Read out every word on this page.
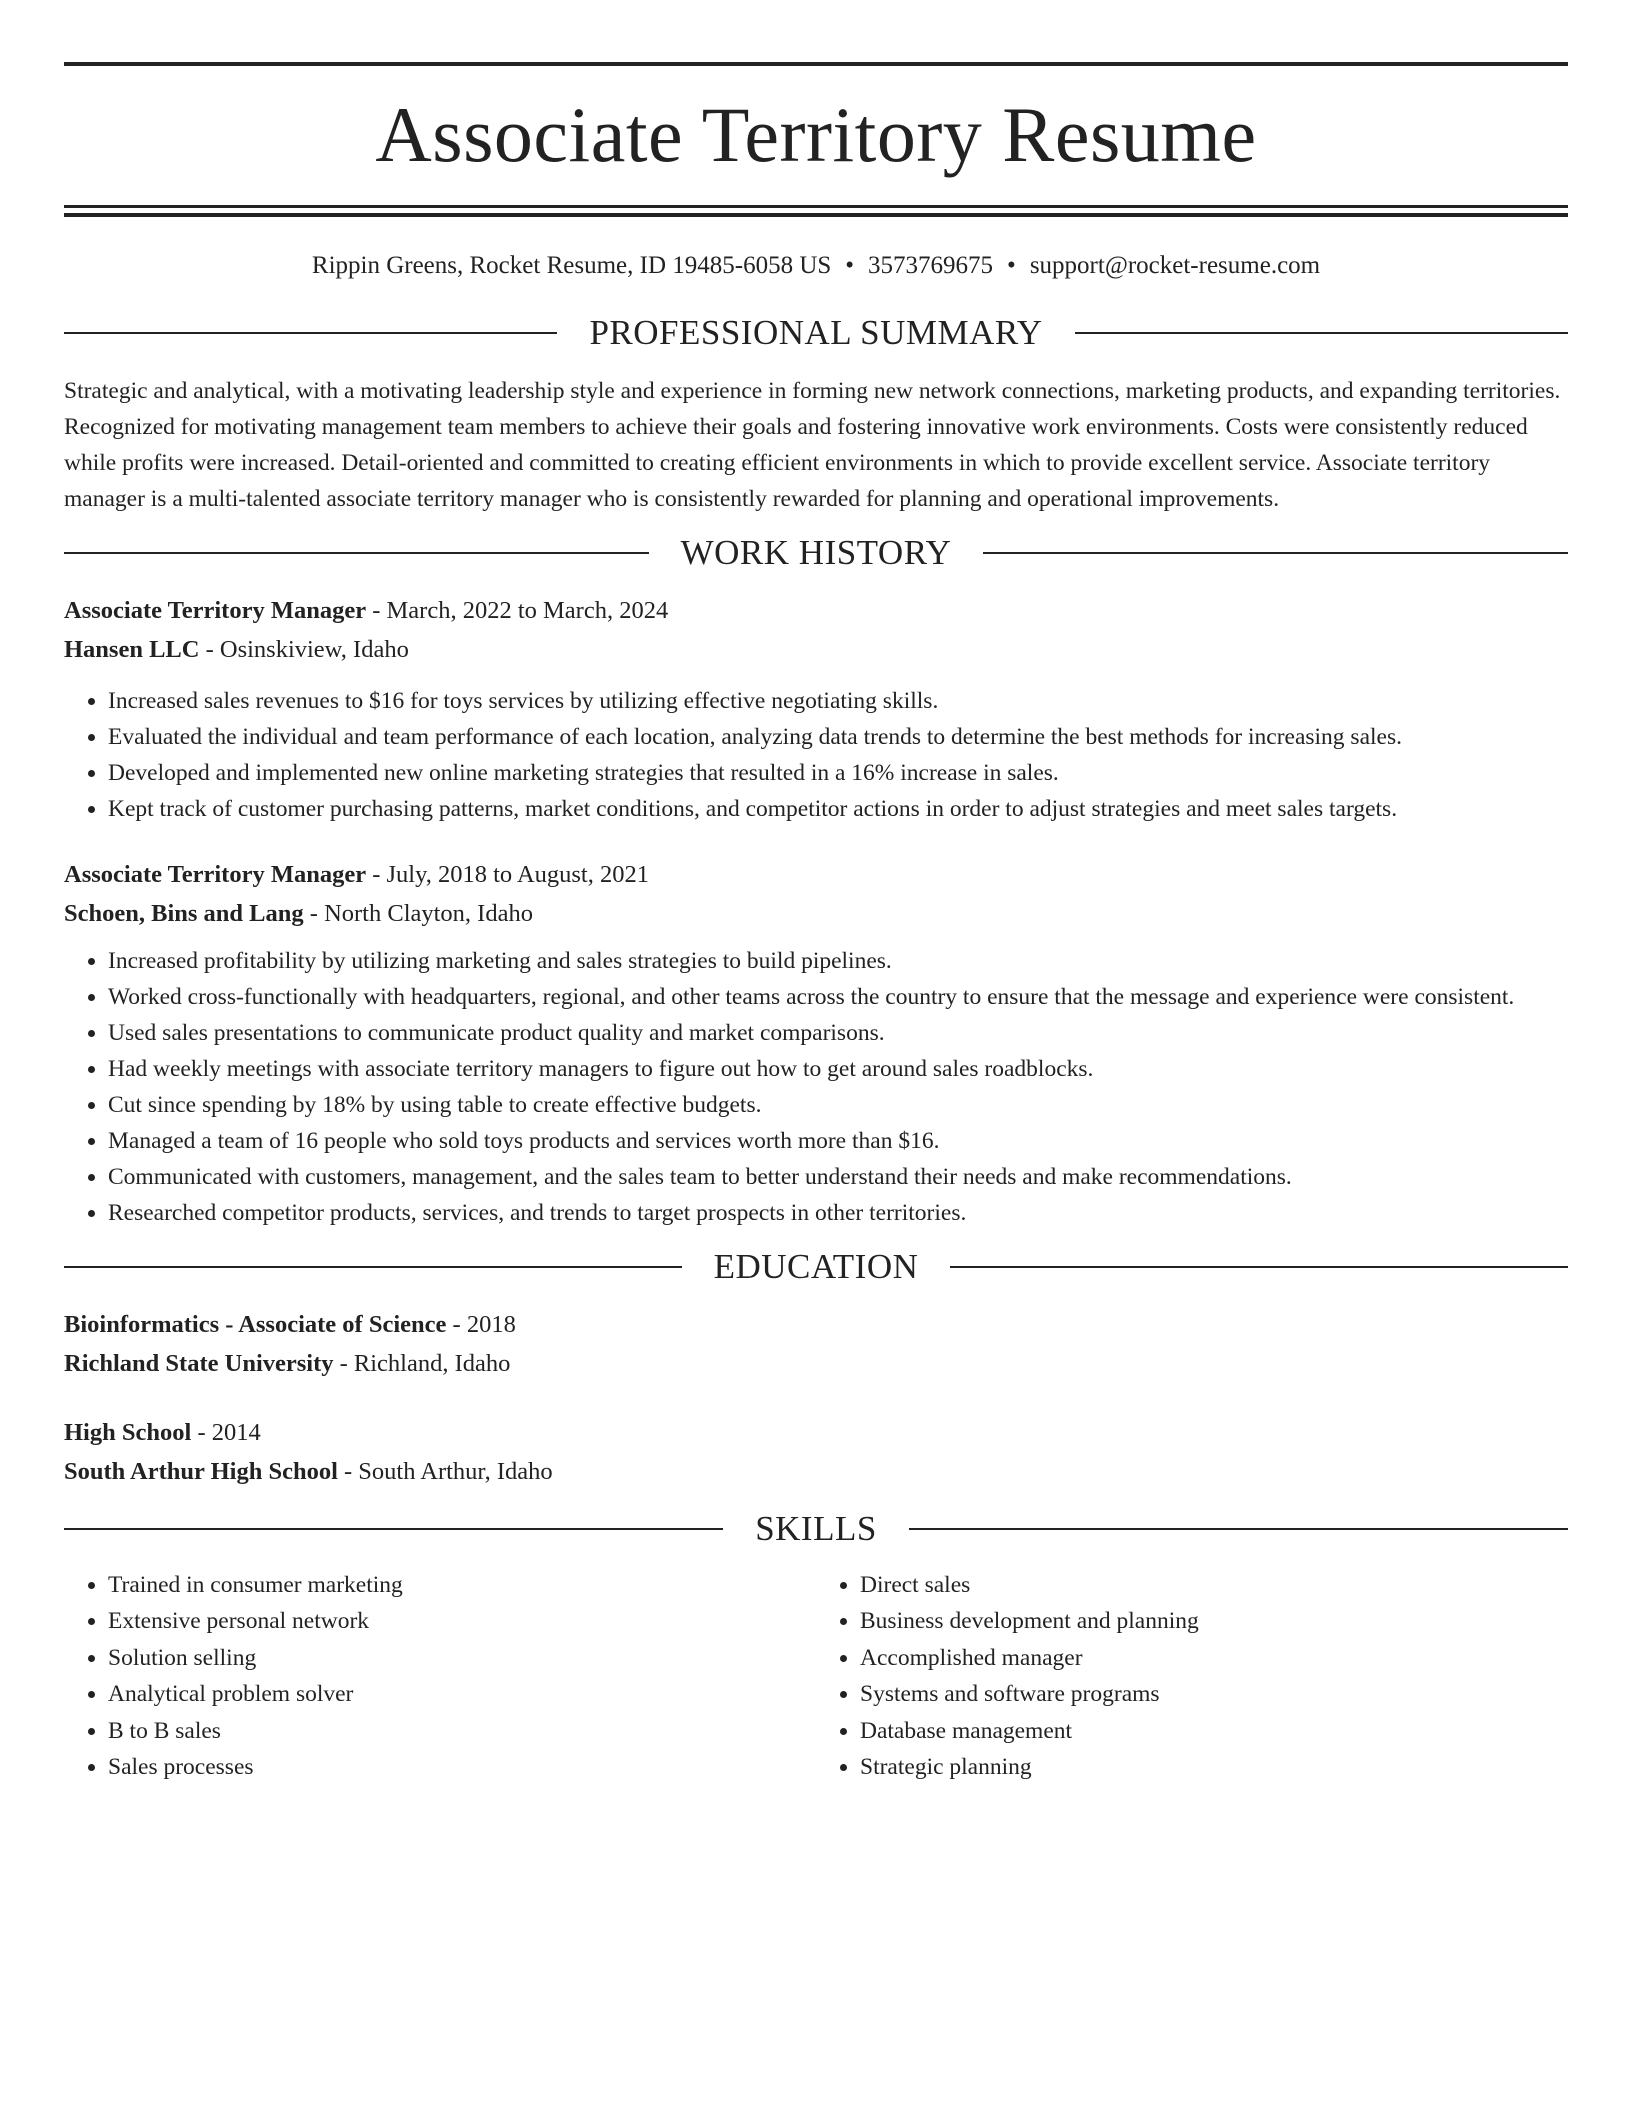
Associate Territory Resume
Rippin Greens, Rocket Resume, ID 19485-6058 US • 3573769675 • support@rocket-resume.com
PROFESSIONAL SUMMARY
Strategic and analytical, with a motivating leadership style and experience in forming new network connections, marketing products, and expanding territories. Recognized for motivating management team members to achieve their goals and fostering innovative work environments. Costs were consistently reduced while profits were increased. Detail-oriented and committed to creating efficient environments in which to provide excellent service. Associate territory manager is a multi-talented associate territory manager who is consistently rewarded for planning and operational improvements.
WORK HISTORY
Associate Territory Manager - March, 2022 to March, 2024
Hansen LLC - Osinskiview, Idaho
• Increased sales revenues to $16 for toys services by utilizing effective negotiating skills.
• Evaluated the individual and team performance of each location, analyzing data trends to determine the best methods for increasing sales.
• Developed and implemented new online marketing strategies that resulted in a 16% increase in sales.
• Kept track of customer purchasing patterns, market conditions, and competitor actions in order to adjust strategies and meet sales targets.
Associate Territory Manager - July, 2018 to August, 2021
Schoen, Bins and Lang - North Clayton, Idaho
• Increased profitability by utilizing marketing and sales strategies to build pipelines.
• Worked cross-functionally with headquarters, regional, and other teams across the country to ensure that the message and experience were consistent.
• Used sales presentations to communicate product quality and market comparisons.
• Had weekly meetings with associate territory managers to figure out how to get around sales roadblocks.
• Cut since spending by 18% by using table to create effective budgets.
• Managed a team of 16 people who sold toys products and services worth more than $16.
• Communicated with customers, management, and the sales team to better understand their needs and make recommendations.
• Researched competitor products, services, and trends to target prospects in other territories.
EDUCATION
Bioinformatics - Associate of Science - 2018
Richland State University - Richland, Idaho
High School - 2014
South Arthur High School - South Arthur, Idaho
SKILLS
• Trained in consumer marketing
• Extensive personal network
• Solution selling
• Analytical problem solver
• B to B sales
• Sales processes
• Direct sales
• Business development and planning
• Accomplished manager
• Systems and software programs
• Database management
• Strategic planning
